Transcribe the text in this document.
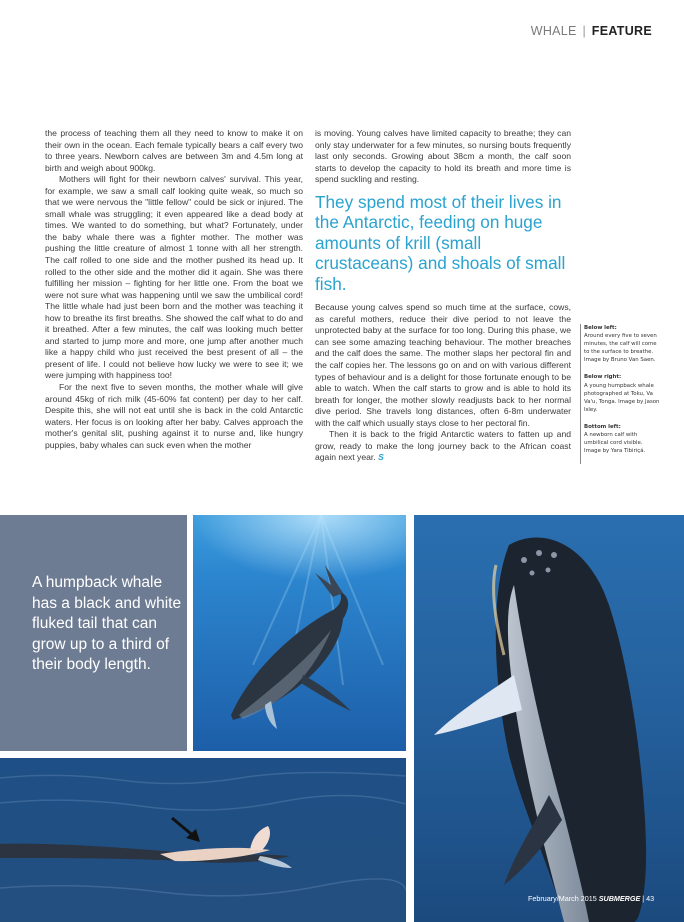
WHALE | FEATURE

the process of teaching them all they need to know to make it on their own in the ocean. Each female typically bears a calf every two to three years. Newborn calves are between 3m and 4.5m long at birth and weigh about 900kg.

Mothers will fight for their newborn calves' survival. This year, for example, we saw a small calf looking quite weak, so much so that we were nervous the "little fellow" could be sick or injured. The small whale was struggling; it even appeared like a dead body at times. We wanted to do something, but what? Fortunately, under the baby whale there was a fighter mother. The mother was pushing the little creature of almost 1 tonne with all her strength. The calf rolled to one side and the mother pushed its head up. It rolled to the other side and the mother did it again. She was there fulfilling her mission – fighting for her little one. From the boat we were not sure what was happening until we saw the umbilical cord! The little whale had just been born and the mother was teaching it how to breathe its first breaths. She showed the calf what to do and it breathed. After a few minutes, the calf was looking much better and started to jump more and more, one jump after another much like a happy child who just received the best present of all – the present of life. I could not believe how lucky we were to see it; we were jumping with happiness too!

For the next five to seven months, the mother whale will give around 45kg of rich milk (45-60% fat content) per day to her calf. Despite this, she will not eat until she is back in the cold Antarctic waters. Her focus is on looking after her baby. Calves approach the mother's genital slit, pushing against it to nurse and, like hungry puppies, baby whales can suck even when the mother

is moving. Young calves have limited capacity to breathe; they can only stay underwater for a few minutes, so nursing bouts frequently last only seconds. Growing about 38cm a month, the calf soon starts to develop the capacity to hold its breath and more time is spend suckling and resting.

They spend most of their lives in the Antarctic, feeding on huge amounts of krill (small crustaceans) and shoals of small fish.

Because young calves spend so much time at the surface, cows, as careful mothers, reduce their dive period to not leave the unprotected baby at the surface for too long. During this phase, we can see some amazing teaching behaviour. The mother breaches and the calf does the same. The mother slaps her pectoral fin and the calf copies her. The lessons go on and on with various different types of behaviour and is a delight for those fortunate enough to be able to watch. When the calf starts to grow and is able to hold its breath for longer, the mother slowly readjusts back to her normal dive period. She travels long distances, often 6-8m underwater with the calf which usually stays close to her pectoral fin.

Then it is back to the frigid Antarctic waters to fatten up and grow, ready to make the long journey back to the African coast again next year. S

Below left:
Around every five to seven minutes, the calf will come to the surface to breathe. Image by Bruno Van Saen.
Below right:
A young humpback whale photographed at Toku, Va Va'u, Tonga. Image by Jason Isley.
Bottom left:
A newborn calf with umbilical cord visible. Image by Yara Tibiriçá.
A humpback whale has a black and white fluked tail that can grow up to a third of their body length.
February/March 2015 SUBMERGE | 43
